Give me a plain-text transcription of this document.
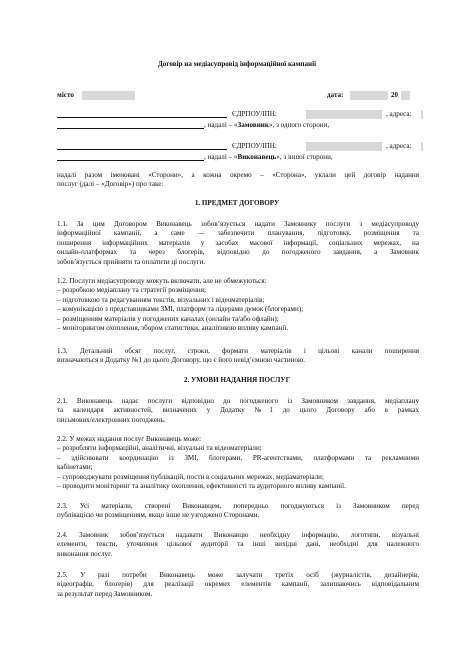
Договір на медіасупровід інформаційної кампанії
місто	дата:	20
ЄДРПОУ/ІПН:	, адреса:
, надалі – «Замовник», з одного сторони,
ЄДРПОУ/ІПН:	, адреса:
, надалі – «Виконавець», з іншої сторони,
надалі разом іменовані «Сторони», а кожна окремо – «Сторона», уклали цей договір надання
послуг (далі – «Договір») про таке:
1. ПРЕДМЕТ ДОГОВОРУ
1.1. За цим Договором Виконавець зобов’язується надати Замовнику послуги з медіасупроводу
інформаційної кампанії, а саме — забезпечити планування, підготовку, розміщення та
поширення інформаційних матеріалів у засобах масової інформації, соціальних мережах, на
онлайн-платформах та через блогерів, відповідно до погодженого завдання, а Замовник
зобов’язується прийняти та оплатити ці послуги.
1.2. Послуги медіасупроводу можуть включати, але не обмежуються:
– розробкою медіаплану та стратегії розміщення;
– підготовкою та редагуванням текстів, візуальних і відеоматеріалів;
– комунікацією з представниками ЗМІ, платформ та лідерами думок (блогерами);
– розміщенням матеріалів у погоджених каналах (онлайн та/або офлайн);
– моніторингом охоплення, збором статистики, аналітикою впливу кампанії.
1.3. Детальний обсяг послуг, строки, формати матеріалів і цільові канали поширення
визначаються в Додатку №1 до цього Договору, що є його невід’ємною частиною.
2. УМОВИ НАДАННЯ ПОСЛУГ
2.1. Виконавець надає послуги відповідно до погодженого із Замовником завдання, медіаплану
та календаря активностей, визначених у Додатку №1 до цього Договору або в рамках
письмових/електронних погоджень.
2.2. У межах надання послуг Виконавець може:
– розробляти інформаційні, аналітичні, візуальні та відеоматеріали;
– здійснювати координацію із ЗМІ, блогерами, PR-агентствами, платформами та рекламними
кабінетами;
– супроводжувати розміщення публікацій, пости в соціальних мережах, медіаматеріали;
– проводити моніторинг та аналітику охоплення, ефективності та аудиторного впливу кампанії.
2.3. Усі матеріали, створені Виконавцем, попередньо погоджуються із Замовником перед
публікацією чи розміщенням, якщо інше не узгоджено Сторонами.
2.4. Замовник зобов’язується надавати Виконавцю необхідну інформацію, логотипи, візуальні
елементи, тексти, уточнення цільової аудиторії та інші вихідні дані, необхідні для належного
виконання послуг.
2.5. У разі потреби Виконавець може залучати третіх осіб (журналістів, дизайнерів,
відеографів, блогерів) для реалізації окремих елементів кампанії, залишаючись відповідальним
за результат перед Замовником.
